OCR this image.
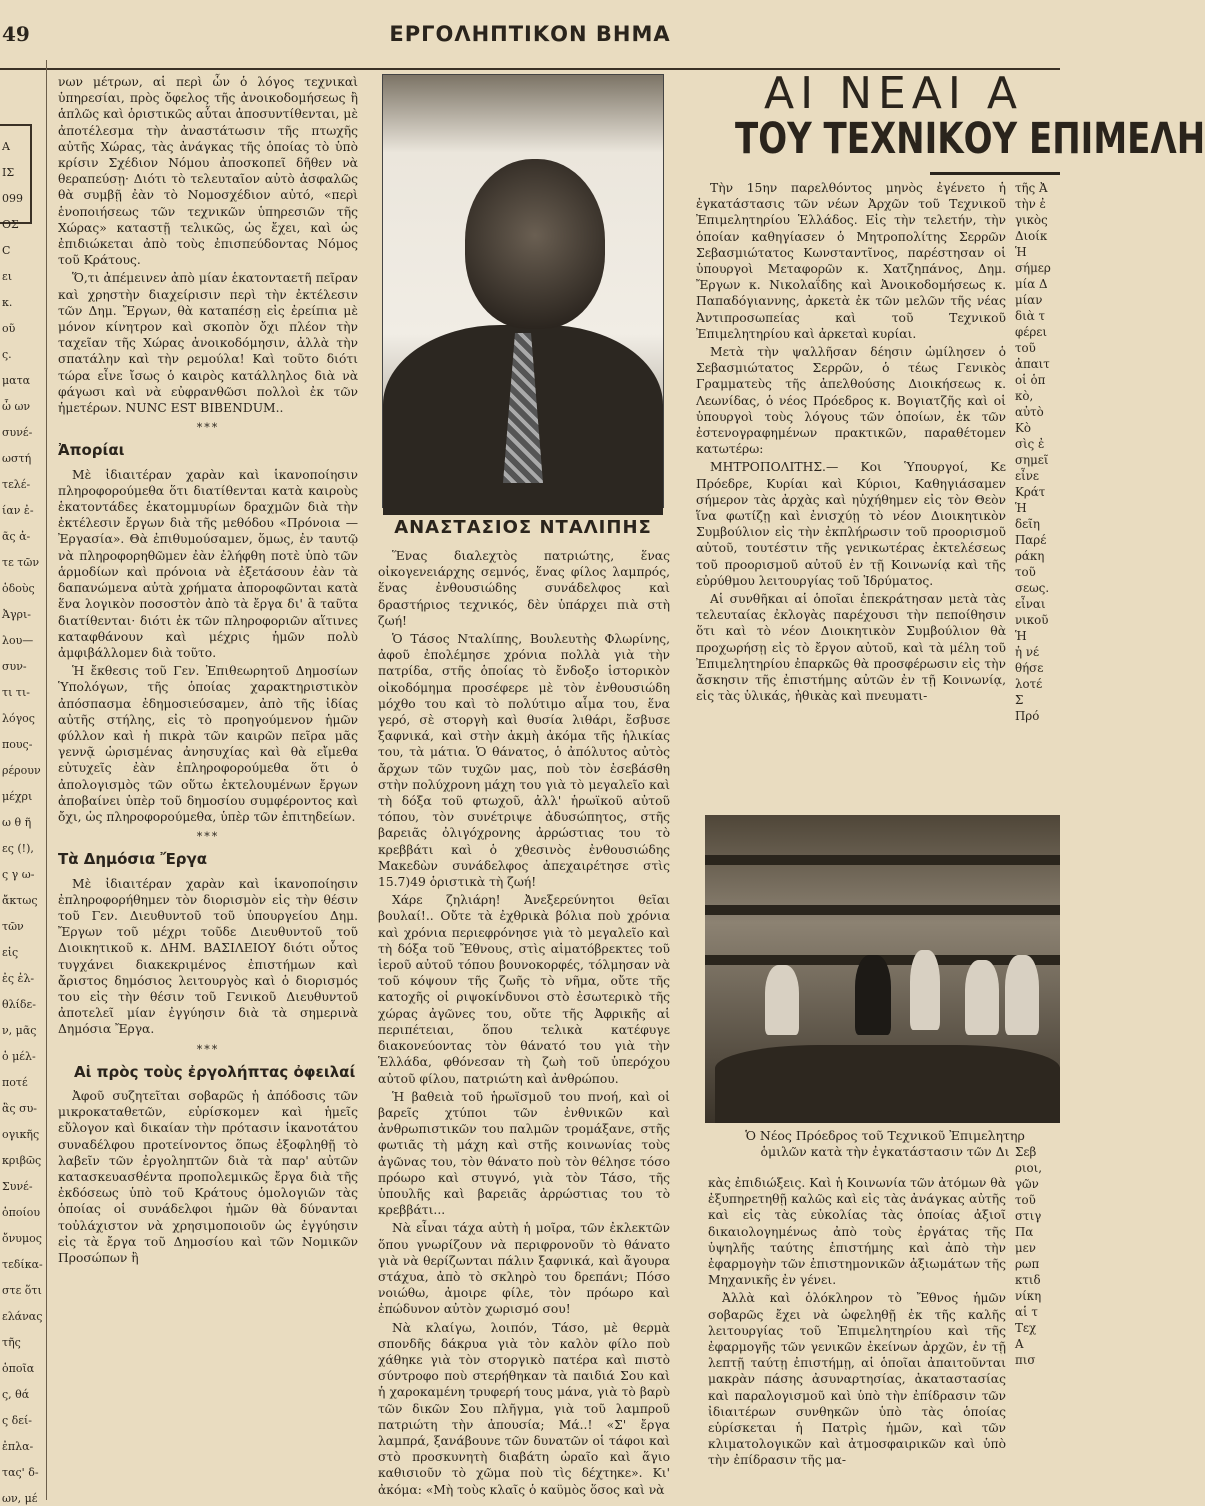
49	ΕΡΓΟΛΗΠΤΙΚΟΝ ΒΗΜΑ
Α
ΙΣ
099
ΟΣ
C
ει
κ.
οῦ
ς.
ματα
ὧ ων
συνέ-
ωστή
τελέ-
ίαν ἐ-
ᾶς ἀ-
τε τῶν
ὁδοὺς
Ἀγρι-
λου—
συν-
τι τι-
λόγος
πους-
ρέρουν
μέχρι
ω θ ῆ
ες (!),
ς γ ω-
ἄκτως
τῶν
εἰς
ἐς ἐλ-
θλίδε-
ν, μᾶς
ὁ μέλ-
ποτέ
ἂς συ-
ογικῆς
κριβῶς
Συνέ-
ὁποίου
ὄνυμος
τεδίκα-
στε ὅτι
ελάνας
τῆς
ὁποῖα
ς, θά
ς δεί-
ἐπλα-
τας' δ-
ων, μέ

νων μέτρων, αἱ περὶ ὧν ὁ λόγος τεχνικαὶ ὑπηρεσίαι, πρὸς ὄφελος τῆς ἀνοικοδομήσεως ἢ ἁπλῶς καὶ ὁριστικῶς αὗται ἀποσυντίθενται, μὲ ἀποτέλεσμα τὴν ἀναστάτωσιν τῆς πτωχῆς αὐτῆς Χώρας, τὰς ἀνάγκας τῆς ὁποίας τὸ ὑπὸ κρίσιν Σχέδιον Νόμου ἀποσκοπεῖ δῆθεν νὰ θεραπεύσῃ· Διότι τὸ τελευταῖον αὐτὸ ἀσφαλῶς θὰ συμβῇ ἐὰν τὸ Νομοσχέδιον αὐτό, «περὶ ἑνοποιήσεως τῶν τεχνικῶν ὑπηρεσιῶν τῆς Χώρας» καταστῇ τελικῶς, ὡς ἔχει, καὶ ὡς ἐπιδιώκεται ἀπὸ τοὺς ἐπισπεύδοντας Νόμος τοῦ Κράτους.

Ὅ,τι ἀπέμεινεν ἀπὸ μίαν ἑκατονταετῆ πεῖραν καὶ χρηστὴν διαχείρισιν περὶ τὴν ἐκτέλεσιν τῶν Δημ. Ἔργων, θὰ καταπέσῃ εἰς ἐρείπια μὲ μόνον κίνητρον καὶ σκοπὸν ὄχι πλέον τὴν ταχεῖαν τῆς Χώρας ἀνοικοδόμησιν, ἀλλὰ τὴν σπατάλην καὶ τὴν ρεμούλα! Καὶ τοῦτο διότι τώρα εἶνε ἴσως ὁ καιρὸς κατάλληλος διὰ νὰ φάγωσι καὶ νὰ εὐφρανθῶσι πολλοὶ ἐκ τῶν ἡμετέρων. NUNC EST BIBENDUM..

***
Ἀπορίαι

Μὲ ἰδιαιτέραν χαρὰν καὶ ἱκανοποίησιν πληροφορούμεθα ὅτι διατίθενται κατὰ καιροὺς ἑκατοντάδες ἑκατομμυρίων δραχμῶν διὰ τὴν ἐκτέλεσιν ἔργων διὰ τῆς μεθόδου «Πρόνοια — Ἐργασία». Θὰ ἐπιθυμούσαμεν, ὅμως, ἐν ταυτῷ νὰ πληροφορηθῶμεν ἐὰν ἐλήφθη ποτὲ ὑπὸ τῶν ἁρμοδίων καὶ πρόνοια νὰ ἐξετάσουν ἐὰν τὰ δαπανώμενα αὐτὰ χρήματα ἀποροφῶνται κατὰ ἕνα λογικὸν ποσοστὸν ἀπὸ τὰ ἔργα δι' ἃ ταῦτα διατίθενται· διότι ἐκ τῶν πληροφοριῶν αἵτινες καταφθάνουν καὶ μέχρις ἡμῶν πολὺ ἀμφιβάλλομεν διὰ τοῦτο.

Ἡ ἔκθεσις τοῦ Γεν. Ἐπιθεωρητοῦ Δημοσίων Ὑπολόγων, τῆς ὁποίας χαρακτηριστικὸν ἀπόσπασμα ἐδημοσιεύσαμεν, ἀπὸ τῆς ἰδίας αὐτῆς στήλης, εἰς τὸ προηγούμενον ἡμῶν φύλλον καὶ ἡ πικρὰ τῶν καιρῶν πεῖρα μᾶς γεννᾷ ὡρισμένας ἀνησυχίας καὶ θὰ εἴμεθα εὐτυχεῖς ἐὰν ἐπληροφορούμεθα ὅτι ὁ ἀπολογισμὸς τῶν οὕτω ἐκτελουμένων ἔργων ἀποβαίνει ὑπὲρ τοῦ δημοσίου συμφέροντος καὶ ὄχι, ὡς πληροφορούμεθα, ὑπὲρ τῶν ἐπιτηδείων.

***
Τὰ Δημόσια Ἔργα

Μὲ ἰδιαιτέραν χαρὰν καὶ ἱκανοποίησιν ἐπληροφορήθημεν τὸν διορισμὸν εἰς τὴν θέσιν τοῦ Γεν. Διευθυντοῦ τοῦ ὑπουργείου Δημ. Ἔργων τοῦ μέχρι τοῦδε Διευθυντοῦ τοῦ Διοικητικοῦ κ. ΔΗΜ. ΒΑΣΙΛΕΙΟΥ διότι οὗτος τυγχάνει διακεκριμένος ἐπιστήμων καὶ ἄριστος δημόσιος λειτουργὸς καὶ ὁ διορισμός του εἰς τὴν θέσιν τοῦ Γενικοῦ Διευθυντοῦ ἀποτελεῖ μίαν ἐγγύησιν διὰ τὰ σημερινὰ Δημόσια Ἔργα.

***
Αἱ πρὸς τοὺς ἐργολήπτας ὀφειλαί

Ἀφοῦ συζητεῖται σοβαρῶς ἡ ἀπόδοσις τῶν μικροκαταθετῶν, εὑρίσκομεν καὶ ἡμεῖς εὔλογον καὶ δικαίαν τὴν πρότασιν ἱκανοτάτου συναδέλφου προτείνοντος ὅπως ἐξοφληθῇ τὸ λαβεῖν τῶν ἐργοληπτῶν διὰ τὰ παρ' αὐτῶν κατασκευασθέντα προπολεμικῶς ἔργα διὰ τῆς ἐκδόσεως ὑπὸ τοῦ Κράτους ὁμολογιῶν τὰς ὁποίας οἱ συνάδελφοι ἡμῶν θὰ δύνανται τοὐλάχιστον νὰ χρησιμοποιοῦν ὡς ἐγγύησιν εἰς τὰ ἔργα τοῦ Δημοσίου καὶ τῶν Νομικῶν Προσώπων ἢ

ΑΝΑΣΤΑΣΙΟΣ ΝΤΑΛΙΠΗΣ

Ἕνας διαλεχτὸς πατριώτης, ἕνας οἰκογενειάρχης σεμνός, ἕνας φίλος λαμπρός, ἕνας ἐνθουσιώδης συνάδελφος καὶ δραστήριος τεχνικός, δὲν ὑπάρχει πιὰ στὴ ζωή!

Ὁ Τάσος Νταλίπης, Βουλευτὴς Φλωρίνης, ἀφοῦ ἐπολέμησε χρόνια πολλὰ γιὰ τὴν πατρίδα, στῆς ὁποίας τὸ ἔνδοξο ἱστορικὸν οἰκοδόμημα προσέφερε μὲ τὸν ἐνθουσιώδη μόχθο του καὶ τὸ πολύτιμο αἷμα του, ἕνα γερό, σὲ στοργὴ καὶ θυσία λιθάρι, ἔσβυσε ξαφνικά, καὶ στὴν ἀκμὴ ἀκόμα τῆς ἡλικίας του, τὰ μάτια. Ὁ θάνατος, ὁ ἀπόλυτος αὐτὸς ἄρχων τῶν τυχῶν μας, ποὺ τὸν ἐσεβάσθη στὴν πολύχρονη μάχη του γιὰ τὸ μεγαλεῖο καὶ τὴ δόξα τοῦ φτωχοῦ, ἀλλ' ἡρωϊκοῦ αὐτοῦ τόπου, τὸν συνέτριψε ἀδυσώπητος, στῆς βαρειᾶς ὀλιγόχρονης ἀρρώστιας του τὸ κρεββάτι καὶ ὁ χθεσινὸς ἐνθουσιώδης Μακεδὼν συνάδελφος ἀπεχαιρέτησε στὶς 15.7)49 ὁριστικὰ τὴ ζωή!

Χάρε ζηλιάρη! Ἀνεξερεύνητοι θεῖαι βουλαί!.. Οὔτε τὰ ἐχθρικὰ βόλια ποὺ χρόνια καὶ χρόνια περιεφρόνησε γιὰ τὸ μεγαλεῖο καὶ τὴ δόξα τοῦ Ἔθνους, στὶς αἱματόβρεκτες τοῦ ἱεροῦ αὐτοῦ τόπου βουνοκορφές, τόλμησαν νὰ τοῦ κόψουν τῆς ζωῆς τὸ νῆμα, οὔτε τῆς κατοχῆς οἱ ριψοκίνδυνοι στὸ ἐσωτερικὸ τῆς χώρας ἀγῶνες του, οὔτε τῆς Ἀφρικῆς αἱ περιπέτειαι, ὅπου τελικὰ κατέφυγε διακονεύοντας τὸν θάνατό του γιὰ τὴν Ἑλλάδα, φθόνεσαν τὴ ζωὴ τοῦ ὑπερόχου αὐτοῦ φίλου, πατριώτη καὶ ἀνθρώπου.

Ἡ βαθειὰ τοῦ ἡρωϊσμοῦ του πνοή, καὶ οἱ βαρεῖς χτύποι τῶν ἐνθνικῶν καὶ ἀνθρωπιστικῶν του παλμῶν τρομάξανε, στῆς φωτιᾶς τὴ μάχη καὶ στῆς κοινωνίας τοὺς ἀγῶνας του, τὸν θάνατο ποὺ τὸν θέλησε τόσο πρόωρο καὶ στυγνό, γιὰ τὸν Τάσο, τῆς ὑπουλῆς καὶ βαρειᾶς ἀρρώστιας του τὸ κρεββάτι...

Νὰ εἶναι τάχα αὐτὴ ἡ μοῖρα, τῶν ἐκλεκτῶν ὅπου γνωρίζουν νὰ περιφρονοῦν τὸ θάνατο γιὰ νὰ θερίζωνται πάλιν ξαφνικά, καὶ ἄγουρα στάχυα, ἀπὸ τὸ σκληρὸ του δρεπάνι; Πόσο νοιώθω, ἀμοιρε φίλε, τὸν πρόωρο καὶ ἐπώδυνον αὐτὸν χωρισμό σου!

Νὰ κλαίγω, λοιπόν, Τάσο, μὲ θερμὰ σπονδῆς δάκρυα γιὰ τὸν καλὸν φίλο ποὺ χάθηκε γιὰ τὸν στοργικὸ πατέρα καὶ πιστὸ σύντροφο ποὺ στερήθηκαν τὰ παιδιά Σου καὶ ἡ χαροκαμένη τρυφερή τους μάνα, γιὰ τὸ βαρὺ τῶν δικῶν Σου πλῆγμα, γιὰ τοῦ λαμπροῦ πατριώτη τὴν ἀπουσία; Μά..! «Σ' ἔργα λαμπρά, ξανάβουνε τῶν δυνατῶν οἱ τάφοι καὶ στὸ προσκυνητὴ διαβάτη ὡραῖο καὶ ἅγιο καθισιοῦν τὸ χῶμα ποὺ τὶς δέχτηκε». Κι' ἀκόμα: «Μὴ τοὺς κλαῖς ὁ καϋμὸς ὅσος καὶ νὰ

ΑΙ ΝΕΑΙ Α
ΤΟΥ ΤΕΧΝΙΚΟΥ ΕΠΙΜΕΛΗ

Τὴν 15ην παρελθόντος μηνὸς ἐγένετο ἡ ἐγκατάστασις τῶν νέων Ἀρχῶν τοῦ Τεχνικοῦ Ἐπιμελητηρίου Ἑλλάδος. Εἰς τὴν τελετήν, τὴν ὁποίαν καθηγίασεν ὁ Μητροπολίτης Σερρῶν Σεβασμιώτατος Κωνσταντῖνος, παρέστησαν οἱ ὑπουργοὶ Μεταφορῶν κ. Χατζηπάνος, Δημ. Ἔργων κ. Νικολαΐδης καὶ Ἀνοικοδομήσεως κ. Παπαδόγιαννης, ἀρκετὰ ἐκ τῶν μελῶν τῆς νέας Ἀντιπροσωπείας καὶ τοῦ Τεχνικοῦ Ἐπιμελητηρίου καὶ ἀρκεταὶ κυρίαι.

Μετὰ τὴν ψαλλῆσαν δέησιν ὡμίλησεν ὁ Σεβασμιώτατος Σερρῶν, ὁ τέως Γενικὸς Γραμματεὺς τῆς ἀπελθούσης Διοικήσεως κ. Λεωνίδας, ὁ νέος Πρόεδρος κ. Βογιατζῆς καὶ οἱ ὑπουργοὶ τοὺς λόγους τῶν ὁποίων, ἐκ τῶν ἐστενογραφημένων πρακτικῶν, παραθέτομεν κατωτέρω:

ΜΗΤΡΟΠΟΛΙΤΗΣ.— Κοι Ὑπουργοί, Κε Πρόεδρε, Κυρίαι καὶ Κύριοι, Καθηγιάσαμεν σήμερον τὰς ἀρχὰς καὶ ηὐχήθημεν εἰς τὸν Θεὸν ἵνα φωτίζῃ καὶ ἐνισχύῃ τὸ νέον Διοικητικὸν Συμβούλιον εἰς τὴν ἐκπλήρωσιν τοῦ προορισμοῦ αὐτοῦ, τουτέστιν τῆς γενικωτέρας ἐκτελέσεως τοῦ προορισμοῦ αὐτοῦ ἐν τῇ Κοινωνίᾳ καὶ τῆς εὐρύθμου λειτουργίας τοῦ Ἱδρύματος.

Αἱ συνθῆκαι αἱ ὁποῖαι ἐπεκράτησαν μετὰ τὰς τελευταίας ἐκλογὰς παρέχουσι τὴν πεποίθησιν ὅτι καὶ τὸ νέον Διοικητικὸν Συμβούλιον θὰ προχωρήσῃ εἰς τὸ ἔργον αὐτοῦ, καὶ τὰ μέλη τοῦ Ἐπιμελητηρίου ἐπαρκῶς θὰ προσφέρωσιν εἰς τὴν ἄσκησιν τῆς ἐπιστήμης αὐτῶν ἐν τῇ Κοινωνίᾳ, εἰς τὰς ὑλικάς, ἠθικὰς καὶ πνευματι-

τῆς Ἀ
τὴν ἐ
γικὸς
Διοίκ
Ἡ
σήμερ
μία Δ
μίαν
διὰ τ
φέρει
τοῦ
ἀπαιτ
οἱ ὁπ
κὸ,
αὐτὸ
Κὸ
σὶς ἐ
σημεῖ
εἶνε
Κράτ
Ἡ
δεῖη
Παρέ
ράκη
τοῦ
σεως.
εἶναι
νικοῦ
Ἡ
ἡ νέ
θήσε
λοτέ
Σ
Πρό
Σεβ
ριοι,
γῶν
τοῦ
στιγ
Πα
μεν
ρωπ
κτιδ
νίκη
αἱ τ
Τεχ
Α
πισ
Ὁ Νέος Πρόεδρος τοῦ Τεχνικοῦ Ἐπιμελητηρ
ὁμιλῶν κατὰ τὴν ἐγκατάστασιν τῶν Δι

κὰς ἐπιδιώξεις. Καὶ ἡ Κοινωνία τῶν ἀτόμων θὰ ἐξυπηρετηθῇ καλῶς καὶ εἰς τὰς ἀνάγκας αὐτῆς καὶ εἰς τὰς εὐκολίας τὰς ὁποίας ἀξιοῖ δικαιολογημένως ἀπὸ τοὺς ἐργάτας τῆς ὑψηλῆς ταύτης ἐπιστήμης καὶ ἀπὸ τὴν ἐφαρμογὴν τῶν ἐπιστημονικῶν ἀξιωμάτων τῆς Μηχανικῆς ἐν γένει.

Ἀλλὰ καὶ ὁλόκληρον τὸ Ἔθνος ἡμῶν σοβαρῶς ἔχει νὰ ὠφεληθῇ ἐκ τῆς καλῆς λειτουργίας τοῦ Ἐπιμελητηρίου καὶ τῆς ἐφαρμογῆς τῶν γενικῶν ἐκείνων ἀρχῶν, ἐν τῇ λεπτῇ ταύτῃ ἐπιστήμῃ, αἱ ὁποῖαι ἀπαιτοῦνται μακρὰν πάσης ἀσυναρτησίας, ἀκαταστασίας καὶ παραλογισμοῦ καὶ ὑπὸ τὴν ἐπίδρασιν τῶν ἰδιαιτέρων συνθηκῶν ὑπὸ τὰς ὁποίας εὑρίσκεται ἡ Πατρὶς ἡμῶν, καὶ τῶν κλιματολογικῶν καὶ ἀτμοσφαιρικῶν καὶ ὑπὸ τὴν ἐπίδρασιν τῆς μα-
